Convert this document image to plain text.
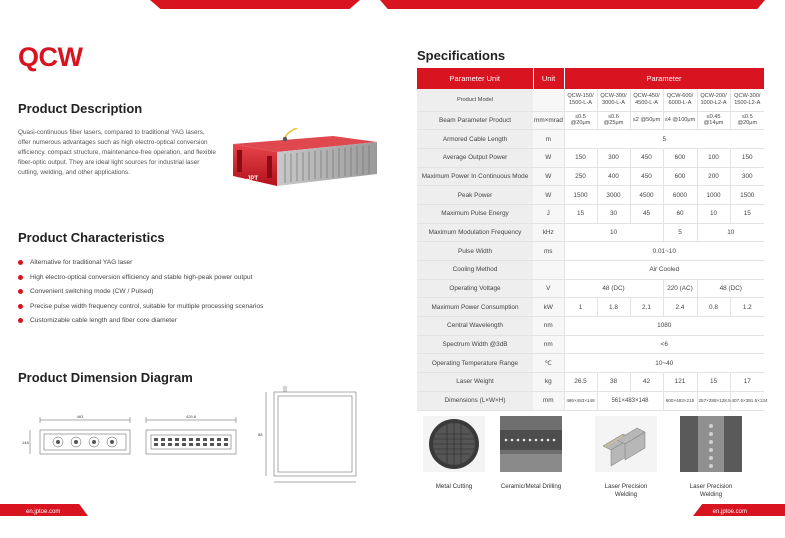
QCW
Product Description

Quasi-continuous fiber lasers, compared to traditional YAG lasers, offer numerous advantages such as high electro-optical conversion efficiency, compact structure, maintenance-free operation, and flexible fiber-optic output. They are ideal light sources for industrial laser cutting, welding, and other applications.

JPT
Product Characteristics
Alternative for traditional YAG laser
High electro-optical conversion efficiency and stable high-peak power output
Convenient switching mode (CW / Pulsed)
Precise pulse width frequency control, suitable for multiple processing scenarios
Customizable cable length and fiber core diameter
Product Dimension Diagram
483	429.8
148
88
Specifications
Parameter Unit	Unit	Parameter					
Product Model		QCW-150/ 1500-L-A	QCW-300/ 3000-L-A	QCW-450/ 4500-L-A	QCW-600/ 6000-L-A	QCW-200/ 1000-L2-A	QCW-300/ 1500-L2-A
Beam Parameter Product	mm×mrad	≤0.5 @20μm	≤0.6 @25μm	≤2 @50μm	≤4 @100μm	≤0.45 @14μm	≤0.5 @20μm
Armored Cable Length	m	5					
Average Output Power	W	150	300	450	600	100	150
Maximum Power In Continuous Mode	W	250	400	450	600	200	300
Peak Power	W	1500	3000	4500	6000	1000	1500
Maximum Pulse Energy	J	15	30	45	60	10	15
Maximum Modulation Frequency	kHz	10			5	10	
Pulse Width	ms	0.01~10					
Cooling Method		Air Cooled					
Operating Voltage	V	48 (DC)			220 (AC)	48 (DC)	
Maximum Power Consumption	kW	1	1.8	2.1	2.4	0.8	1.2
Central Wavelength	nm	1080					
Spectrum Width @3dB	nm	<6					
Operating Temperature Range	℃	10~40					
Laser Weight	kg	26.5	38	42	121	15	17
Dimensions (L×W×H)	mm	486×483×148	561×483×148		600×483×215	257×288×128.5	407.5×391.5×134
Metal Cutting	Ceramic/Metal Drilling	Laser Precision Welding
Laser Precision Welding
en.jptoe.com	en.jptoe.com
